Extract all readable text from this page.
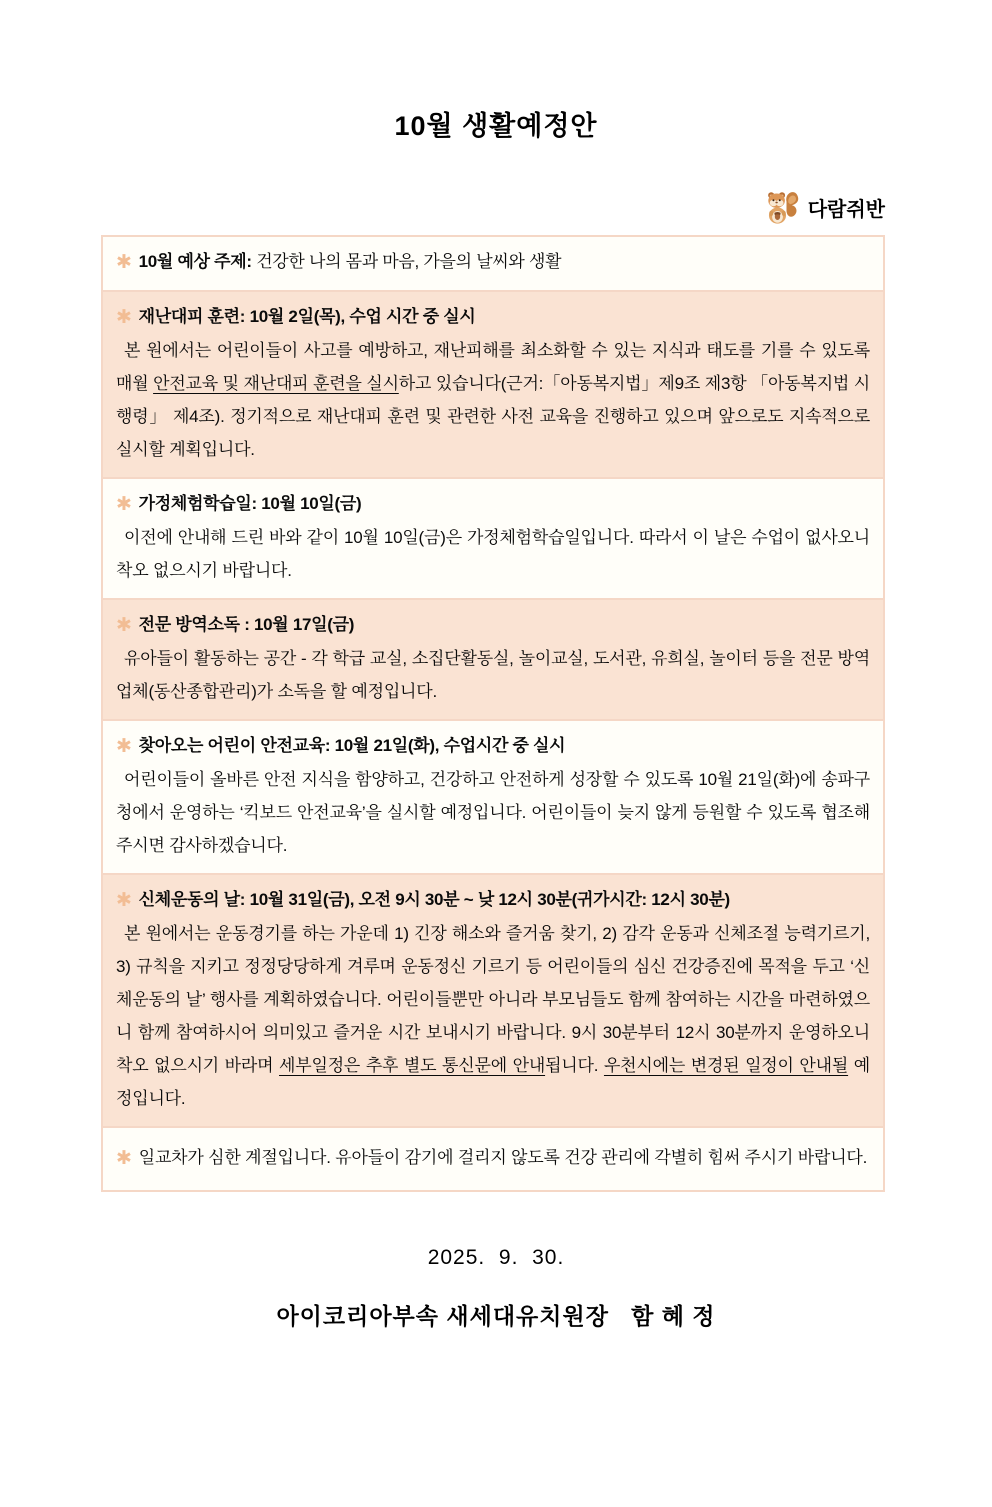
10월 생활예정안
다람쥐반

✱ 10월 예상 주제: 건강한 나의 몸과 마음, 가을의 날씨와 생활

✱ 재난대피 훈련: 10월 2일(목), 수업 시간 중 실시

본 원에서는 어린이들이 사고를 예방하고, 재난피해를 최소화할 수 있는 지식과 태도를 기를 수 있도록 매월 안전교육 및 재난대피 훈련을 실시하고 있습니다(근거:「아동복지법」제9조 제3항 「아동복지법 시행령」 제4조). 정기적으로 재난대피 훈련 및 관련한 사전 교육을 진행하고 있으며 앞으로도 지속적으로 실시할 계획입니다.

✱ 가정체험학습일: 10월 10일(금)

이전에 안내해 드린 바와 같이 10월 10일(금)은 가정체험학습일입니다. 따라서 이 날은 수업이 없사오니 착오 없으시기 바랍니다.

✱ 전문 방역소독 : 10월 17일(금)

유아들이 활동하는 공간 - 각 학급 교실, 소집단활동실, 놀이교실, 도서관, 유희실, 놀이터 등을 전문 방역업체(동산종합관리)가 소독을 할 예정입니다.

✱ 찾아오는 어린이 안전교육: 10월 21일(화), 수업시간 중 실시

어린이들이 올바른 안전 지식을 함양하고, 건강하고 안전하게 성장할 수 있도록 10월 21일(화)에 송파구청에서 운영하는 ‘킥보드 안전교육’을 실시할 예정입니다. 어린이들이 늦지 않게 등원할 수 있도록 협조해주시면 감사하겠습니다.

✱ 신체운동의 날: 10월 31일(금), 오전 9시 30분 ~ 낮 12시 30분(귀가시간: 12시 30분)

본 원에서는 운동경기를 하는 가운데 1) 긴장 해소와 즐거움 찾기, 2) 감각 운동과 신체조절 능력기르기, 3) 규칙을 지키고 정정당당하게 겨루며 운동정신 기르기 등 어린이들의 심신 건강증진에 목적을 두고 ‘신체운동의 날’ 행사를 계획하였습니다. 어린이들뿐만 아니라 부모님들도 함께 참여하는 시간을 마련하였으니 함께 참여하시어 의미있고 즐거운 시간 보내시기 바랍니다. 9시 30분부터 12시 30분까지 운영하오니 착오 없으시기 바라며 세부일정은 추후 별도 통신문에 안내됩니다. 우천시에는 변경된 일정이 안내될 예정입니다.

✱ 일교차가 심한 계절입니다. 유아들이 감기에 걸리지 않도록 건강 관리에 각별히 힘써 주시기 바랍니다.

2025.  9.  30.

아이코리아부속 새세대유치원장   함 혜 정
